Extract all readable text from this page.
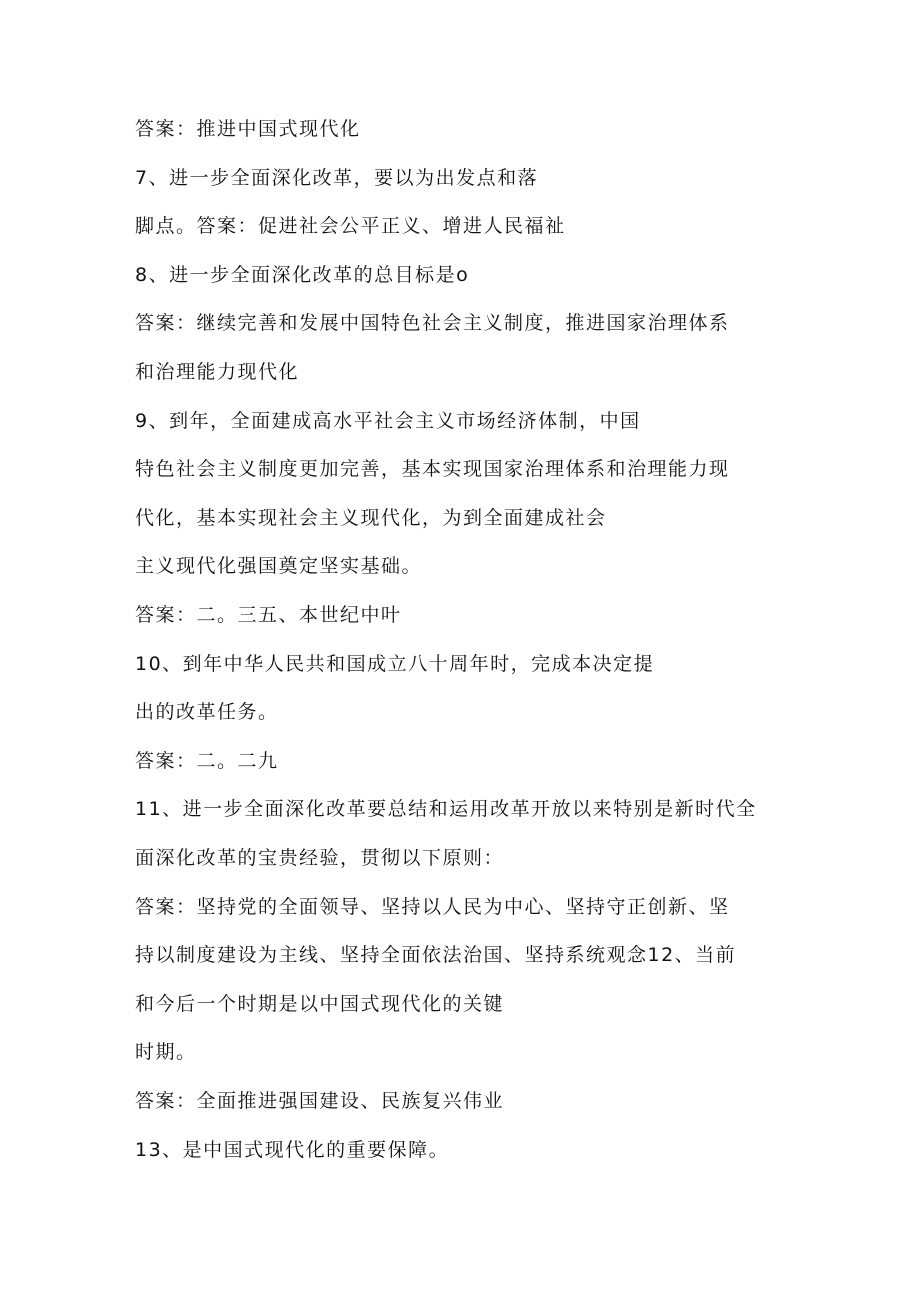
答案：推进中国式现代化

7、进一步全面深化改革，要以为出发点和落

脚点。答案：促进社会公平正义、增进人民福祉

8、进一步全面深化改革的总目标是o

答案：继续完善和发展中国特色社会主义制度，推进国家治理体系

和治理能力现代化

9、到年，全面建成高水平社会主义市场经济体制，中国

特色社会主义制度更加完善，基本实现国家治理体系和治理能力现

代化，基本实现社会主义现代化，为到全面建成社会

主义现代化强国奠定坚实基础。

答案：二。三五、本世纪中叶

10、到年中华人民共和国成立八十周年时，完成本决定提

出的改革任务。

答案：二。二九

11、进一步全面深化改革要总结和运用改革开放以来特别是新时代全

面深化改革的宝贵经验，贯彻以下原则：

答案：坚持党的全面领导、坚持以人民为中心、坚持守正创新、坚

持以制度建设为主线、坚持全面依法治国、坚持系统观念12、当前

和今后一个时期是以中国式现代化的关键

时期。

答案：全面推进强国建设、民族复兴伟业

13、是中国式现代化的重要保障。
